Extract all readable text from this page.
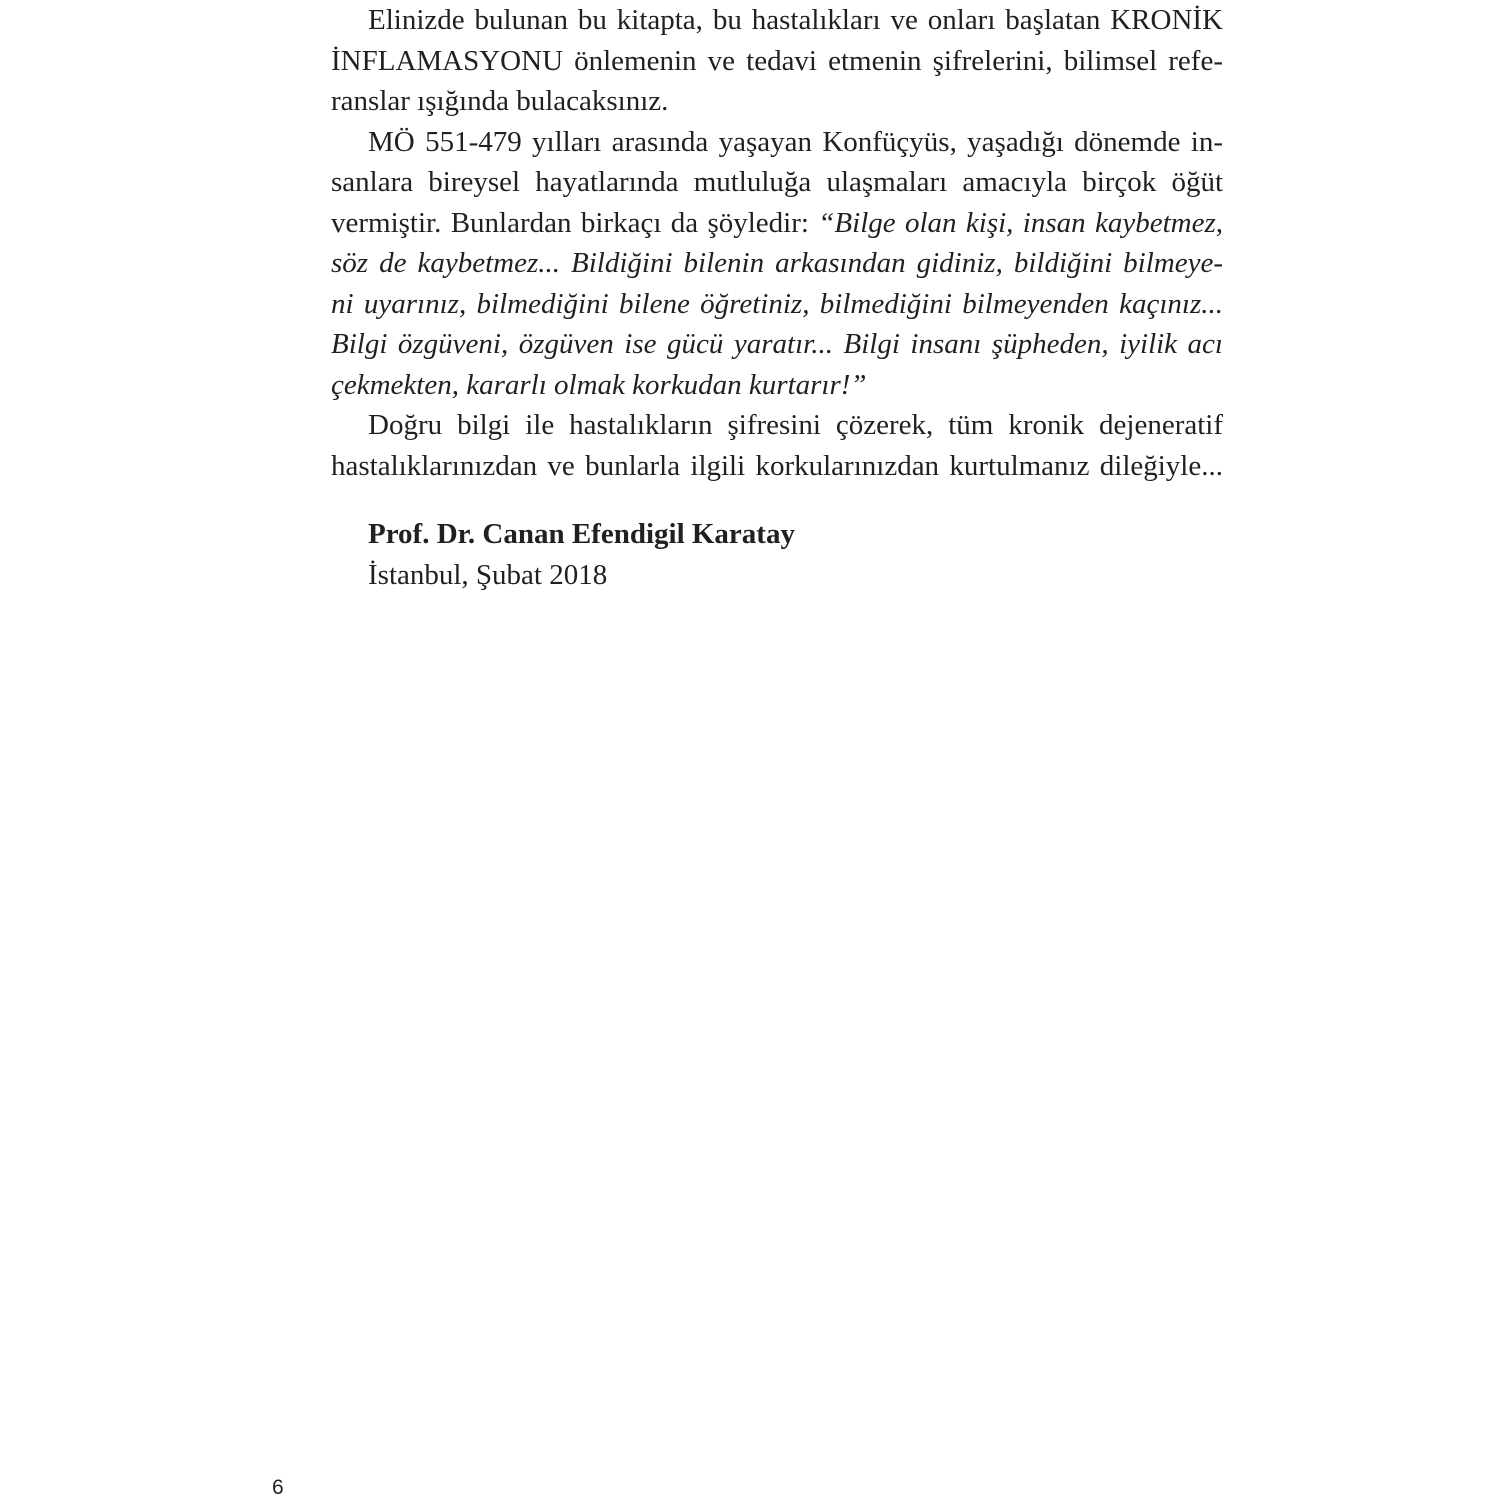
Elinizde bulunan bu kitapta, bu hastalıkları ve onları başlatan KRONİK
İNFLAMASYONU önlemenin ve tedavi etmenin şifrelerini, bilimsel refe-
ranslar ışığında bulacaksınız.
MÖ 551-479 yılları arasında yaşayan Konfüçyüs, yaşadığı dönemde in-
sanlara bireysel hayatlarında mutluluğa ulaşmaları amacıyla birçok öğüt
vermiştir. Bunlardan birkaçı da şöyledir: “Bilge olan kişi, insan kaybetmez,
söz de kaybetmez... Bildiğini bilenin arkasından gidiniz, bildiğini bilmeye-
ni uyarınız, bilmediğini bilene öğretiniz, bilmediğini bilmeyenden kaçınız...
Bilgi özgüveni, özgüven ise gücü yaratır... Bilgi insanı şüpheden, iyilik acı
çekmekten, kararlı olmak korkudan kurtarır!”
Doğru bilgi ile hastalıkların şifresini çözerek, tüm kronik dejeneratif
hastalıklarınızdan ve bunlarla ilgili korkularınızdan kurtulmanız dileğiyle...
Prof. Dr. Canan Efendigil Karatay
İstanbul, Şubat 2018
6
